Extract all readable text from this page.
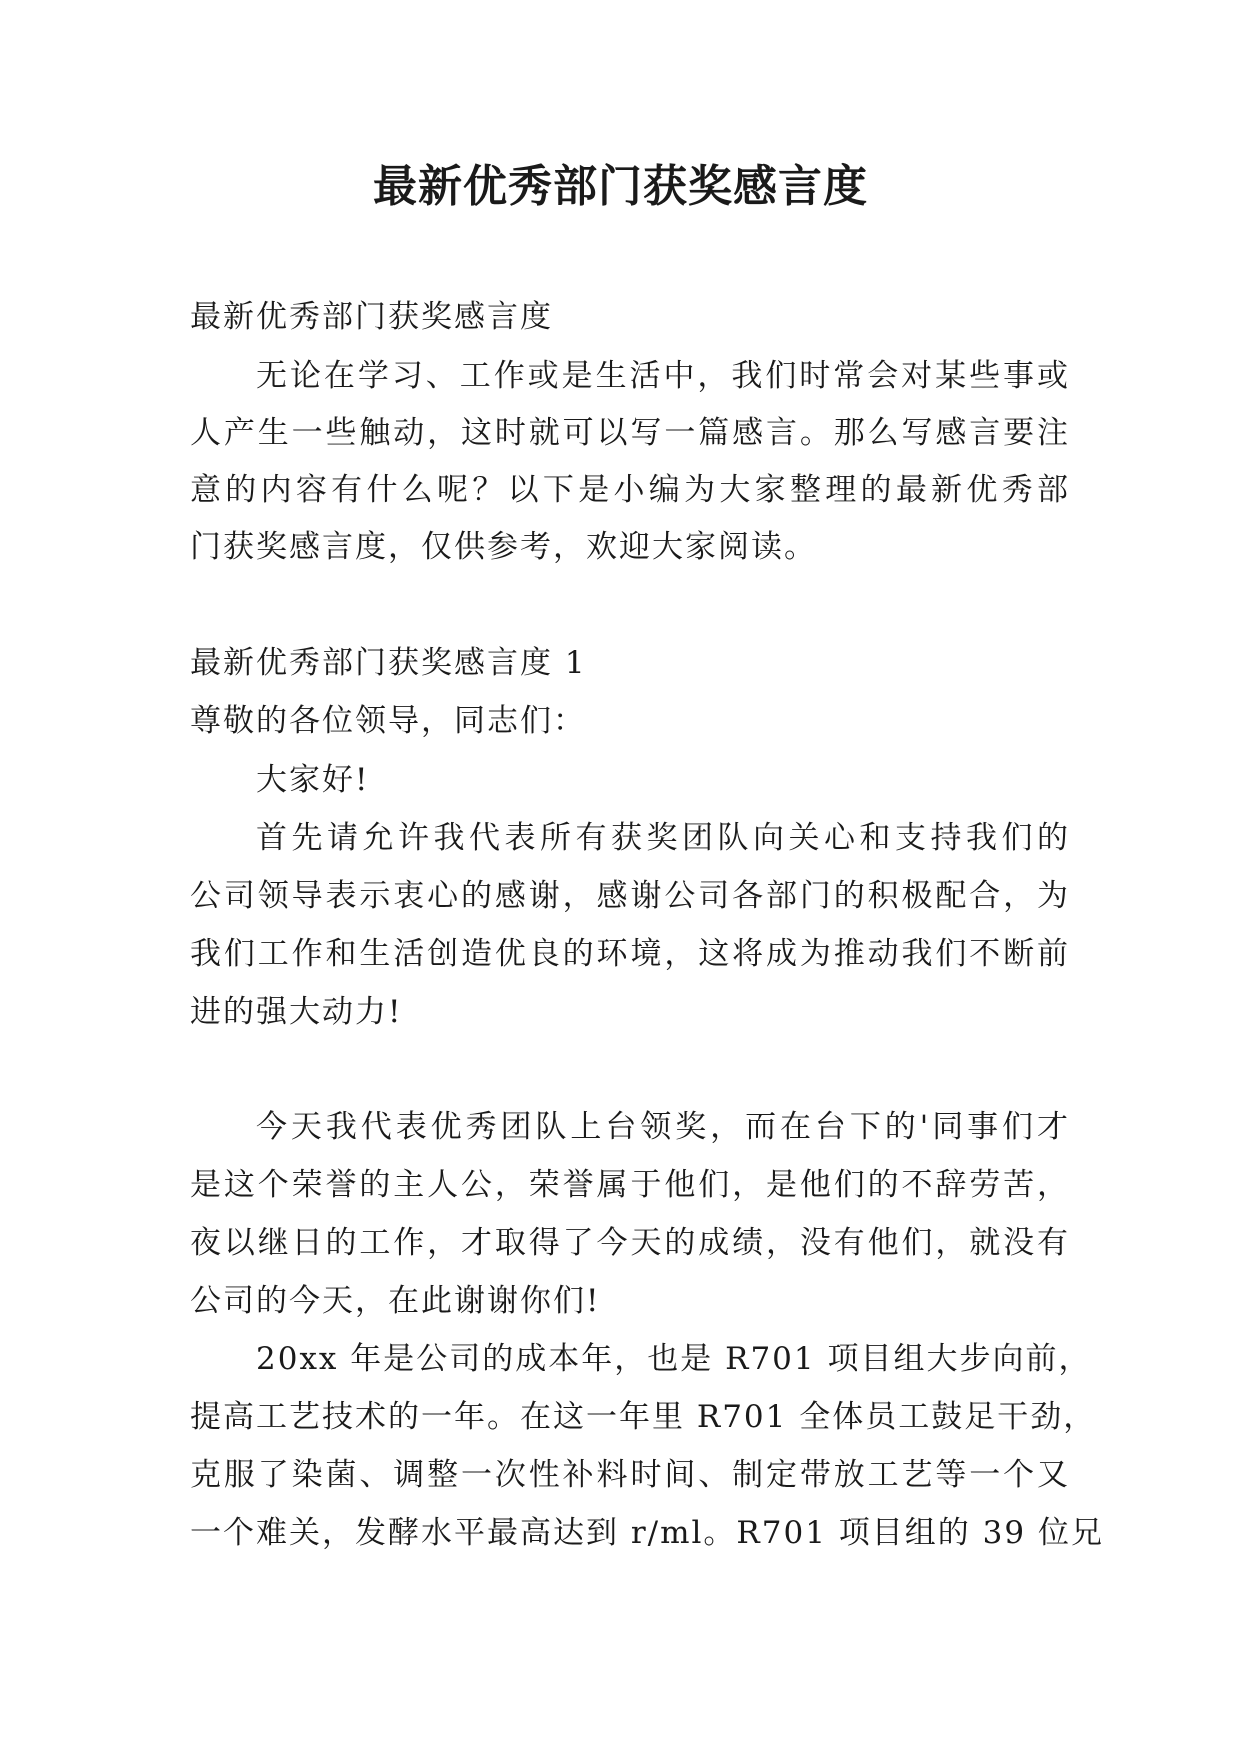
最新优秀部门获奖感言度

最新优秀部门获奖感言度

无论在学习、工作或是生活中，我们时常会对某些事或

人产生一些触动，这时就可以写一篇感言。那么写感言要注

意的内容有什么呢？以下是小编为大家整理的最新优秀部

门获奖感言度，仅供参考，欢迎大家阅读。

最新优秀部门获奖感言度 1

尊敬的各位领导，同志们：

大家好!

首先请允许我代表所有获奖团队向关心和支持我们的

公司领导表示衷心的感谢，感谢公司各部门的积极配合，为

我们工作和生活创造优良的环境，这将成为推动我们不断前

进的强大动力!

今天我代表优秀团队上台领奖，而在台下的'同事们才

是这个荣誉的主人公，荣誉属于他们，是他们的不辞劳苦，

夜以继日的工作，才取得了今天的成绩，没有他们，就没有

公司的今天，在此谢谢你们!

20xx 年是公司的成本年，也是 R701 项目组大步向前，

提高工艺技术的一年。在这一年里 R701 全体员工鼓足干劲，

克服了染菌、调整一次性补料时间、制定带放工艺等一个又

一个难关，发酵水平最高达到 r/ml。R701 项目组的 39 位兄
